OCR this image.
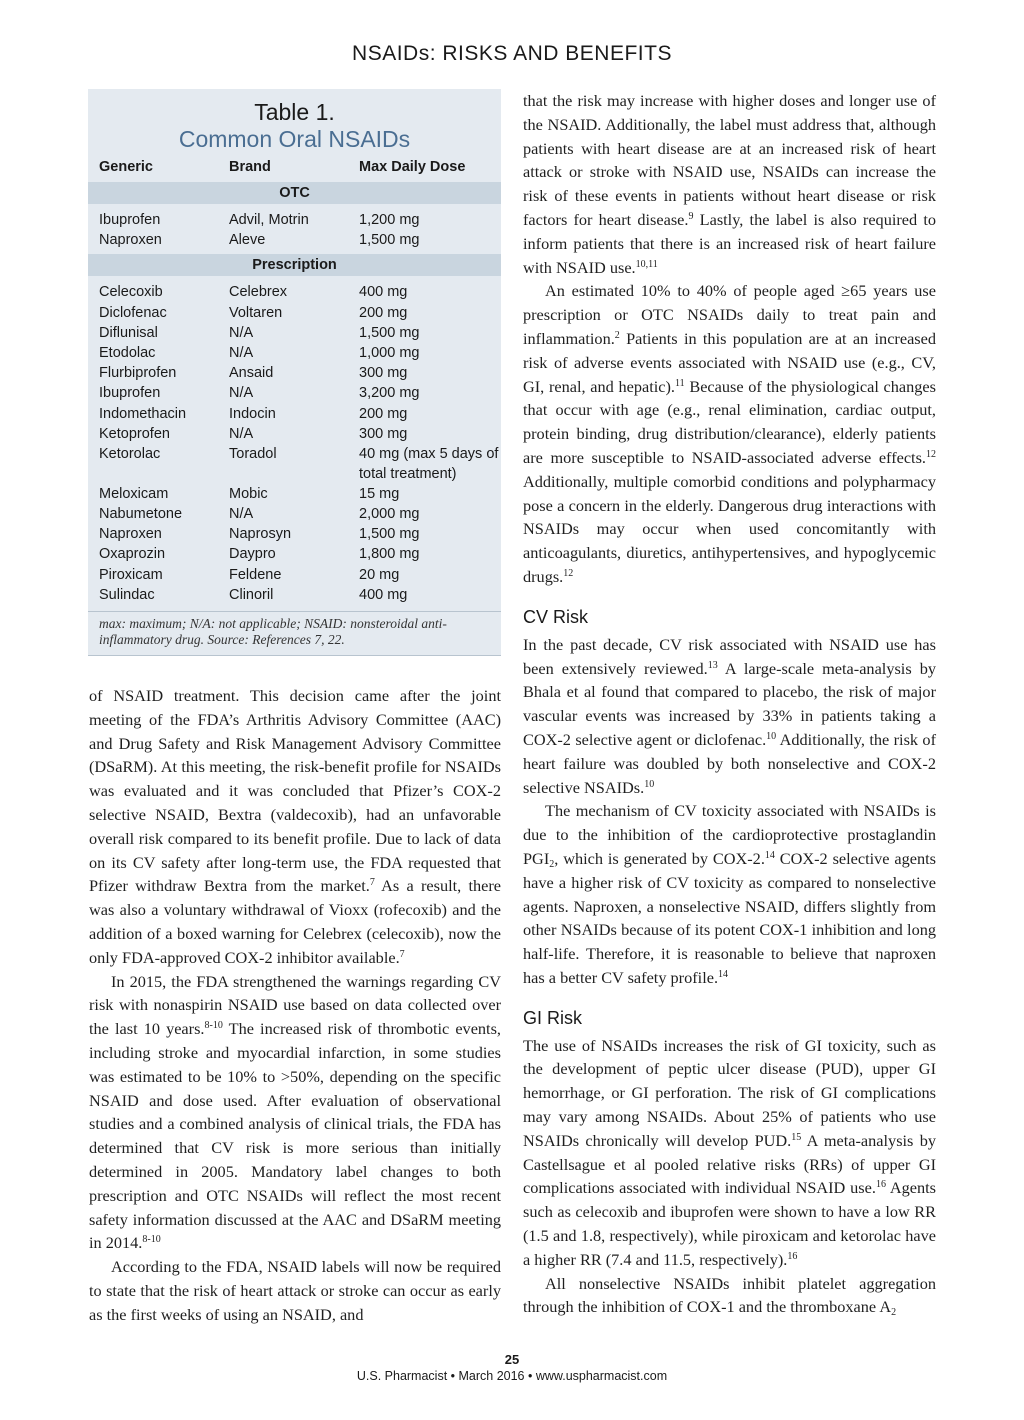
NSAIDs: RISKS AND BENEFITS
Table 1.
Common Oral NSAIDs
Generic	Brand	Max Daily Dose
OTC
Ibuprofen	Advil, Motrin	1,200 mg
Naproxen	Aleve	1,500 mg
Prescription
Celecoxib	Celebrex	400 mg
Diclofenac	Voltaren	200 mg
Diflunisal	N/A	1,500 mg
Etodolac	N/A	1,000 mg
Flurbiprofen	Ansaid	300 mg
Ibuprofen	N/A	3,200 mg
Indomethacin	Indocin	200 mg
Ketoprofen	N/A	300 mg
Ketorolac	Toradol	40 mg (max 5 days of total treatment)
Meloxicam	Mobic	15 mg
Nabumetone	N/A	2,000 mg
Naproxen	Naprosyn	1,500 mg
Oxaprozin	Daypro	1,800 mg
Piroxicam	Feldene	20 mg
Sulindac	Clinoril	400 mg
max: maximum; N/A: not applicable; NSAID: nonsteroidal anti-inflammatory drug. Source: References 7, 22.

of NSAID treatment. This decision came after the joint meeting of the FDA’s Arthritis Advisory Committee (AAC) and Drug Safety and Risk Management Advisory Committee (DSaRM). At this meeting, the risk-benefit profile for NSAIDs was evaluated and it was concluded that Pfizer’s COX-2 selective NSAID, Bextra (valdecoxib), had an unfavorable overall risk compared to its benefit profile. Due to lack of data on its CV safety after long-term use, the FDA requested that Pfizer withdraw Bextra from the market.$^7$ As a result, there was also a voluntary withdrawal of Vioxx (rofecoxib) and the addition of a boxed warning for Celebrex (celecoxib), now the only FDA-approved COX-2 inhibitor available.$^7$

In 2015, the FDA strengthened the warnings regarding CV risk with nonaspirin NSAID use based on data collected over the last 10 years.$^{8-10}$ The increased risk of thrombotic events, including stroke and myocardial infarction, in some studies was estimated to be 10% to >50%, depending on the specific NSAID and dose used. After evaluation of observational studies and a combined analysis of clinical trials, the FDA has determined that CV risk is more serious than initially determined in 2005. Mandatory label changes to both prescription and OTC NSAIDs will reflect the most recent safety information discussed at the AAC and DSaRM meeting in 2014.$^{8-10}$

According to the FDA, NSAID labels will now be required to state that the risk of heart attack or stroke can occur as early as the first weeks of using an NSAID, and

that the risk may increase with higher doses and longer use of the NSAID. Additionally, the label must address that, although patients with heart disease are at an increased risk of heart attack or stroke with NSAID use, NSAIDs can increase the risk of these events in patients without heart disease or risk factors for heart disease.$^9$ Lastly, the label is also required to inform patients that there is an increased risk of heart failure with NSAID use.$^{10,11}$

An estimated 10% to 40% of people aged ≥65 years use prescription or OTC NSAIDs daily to treat pain and inflammation.$^2$ Patients in this population are at an increased risk of adverse events associated with NSAID use (e.g., CV, GI, renal, and hepatic).$^{11}$ Because of the physiological changes that occur with age (e.g., renal elimination, cardiac output, protein binding, drug distribution/clearance), elderly patients are more susceptible to NSAID-associated adverse effects.$^{12}$ Additionally, multiple comorbid conditions and polypharmacy pose a concern in the elderly. Dangerous drug interactions with NSAIDs may occur when used concomitantly with anticoagulants, diuretics, antihypertensives, and hypoglycemic drugs.$^{12}$

CV Risk

In the past decade, CV risk associated with NSAID use has been extensively reviewed.$^{13}$ A large-scale meta-analysis by Bhala et al found that compared to placebo, the risk of major vascular events was increased by 33% in patients taking a COX-2 selective agent or diclofenac.$^{10}$ Additionally, the risk of heart failure was doubled by both nonselective and COX-2 selective NSAIDs.$^{10}$

The mechanism of CV toxicity associated with NSAIDs is due to the inhibition of the cardioprotective prostaglandin $PGI_2$, which is generated by COX-2.14 COX-2 selective agents have a higher risk of CV toxicity as compared to nonselective agents. Naproxen, a nonselective NSAID, differs slightly from other NSAIDs because of its potent COX-1 inhibition and long half-life. Therefore, it is reasonable to believe that naproxen has a better CV safety profile.$^{14}$

GI Risk

The use of NSAIDs increases the risk of GI toxicity, such as the development of peptic ulcer disease (PUD), upper GI hemorrhage, or GI perforation. The risk of GI complications may vary among NSAIDs. About 25% of patients who use NSAIDs chronically will develop PUD.$^{15}$ A meta-analysis by Castellsague et al pooled relative risks (RRs) of upper GI complications associated with individual NSAID use.$^{16}$ Agents such as celecoxib and ibuprofen were shown to have a low RR (1.5 and 1.8, respectively), while piroxicam and ketorolac have a higher RR (7.4 and 11.5, respectively).$^{16}$

All nonselective NSAIDs inhibit platelet aggregation through the inhibition of COX-1 and the thromboxane $A_2$

25
U.S. Pharmacist • March 2016 • www.uspharmacist.com
